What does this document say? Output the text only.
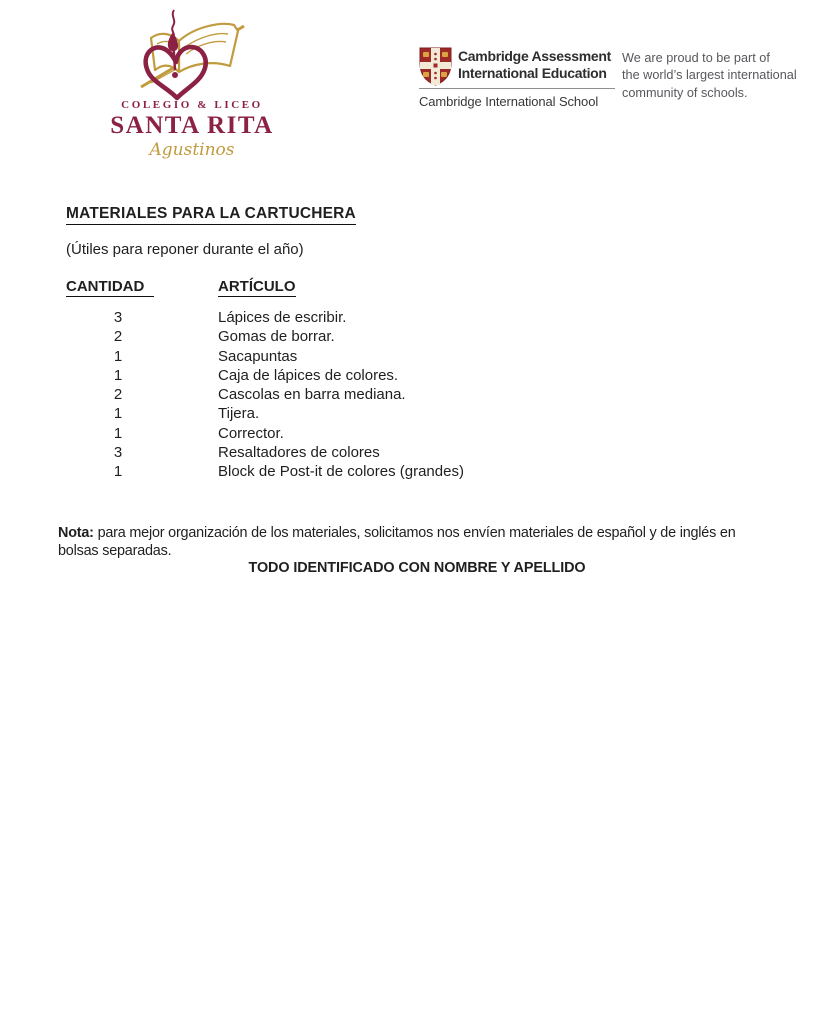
COLEGIO & LICEO
SANTA RITA
Agustinos
Cambridge Assessment
International Education
Cambridge International School
We are proud to be part of
the world’s largest international
community of schools.
MATERIALES PARA LA CARTUCHERA
(Útiles para reponer durante el año)
CANTIDAD	ARTÍCULO
3	Lápices de escribir.
2	Gomas de borrar.
1	Sacapuntas
1	Caja de lápices de colores.
2	Cascolas en barra mediana.
1	Tijera.
1	Corrector.
3	Resaltadores de colores
1	Block de Post-it de colores (grandes)
Nota: para mejor organización de los materiales, solicitamos nos envíen materiales de español y de inglés en bolsas separadas.
TODO IDENTIFICADO CON NOMBRE Y APELLIDO
